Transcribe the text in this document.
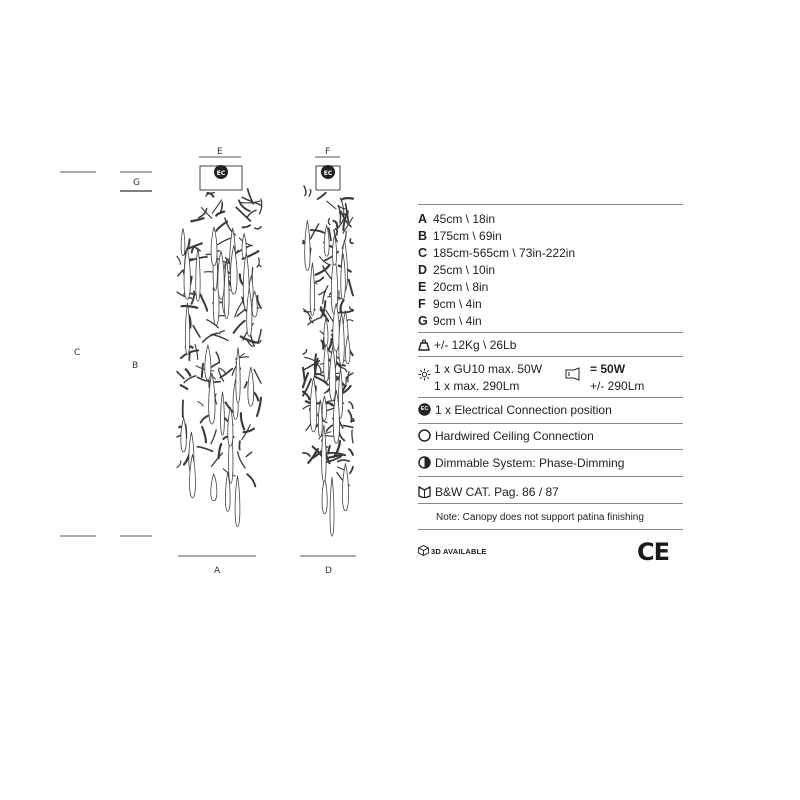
C
G
B
E
EC
A
F
EC
D
A 45cm \ 18in
B 175cm \ 69in
C 185cm-565cm \ 73in-222in
D 25cm \ 10in
E 20cm \ 8in
F 9cm \ 4in
G 9cm \ 4in
+/- 12Kg \ 26Lb
1 x GU10 max. 50W
1 x max. 290Lm
= 50W
+/- 290Lm
EC 1 x Electrical Connection position
Hardwired Ceiling Connection
Dimmable System: Phase-Dimming
B&W CAT. Pag. 86 / 87
Note: Canopy does not support patina finishing
3D AVAILABLE	CE
